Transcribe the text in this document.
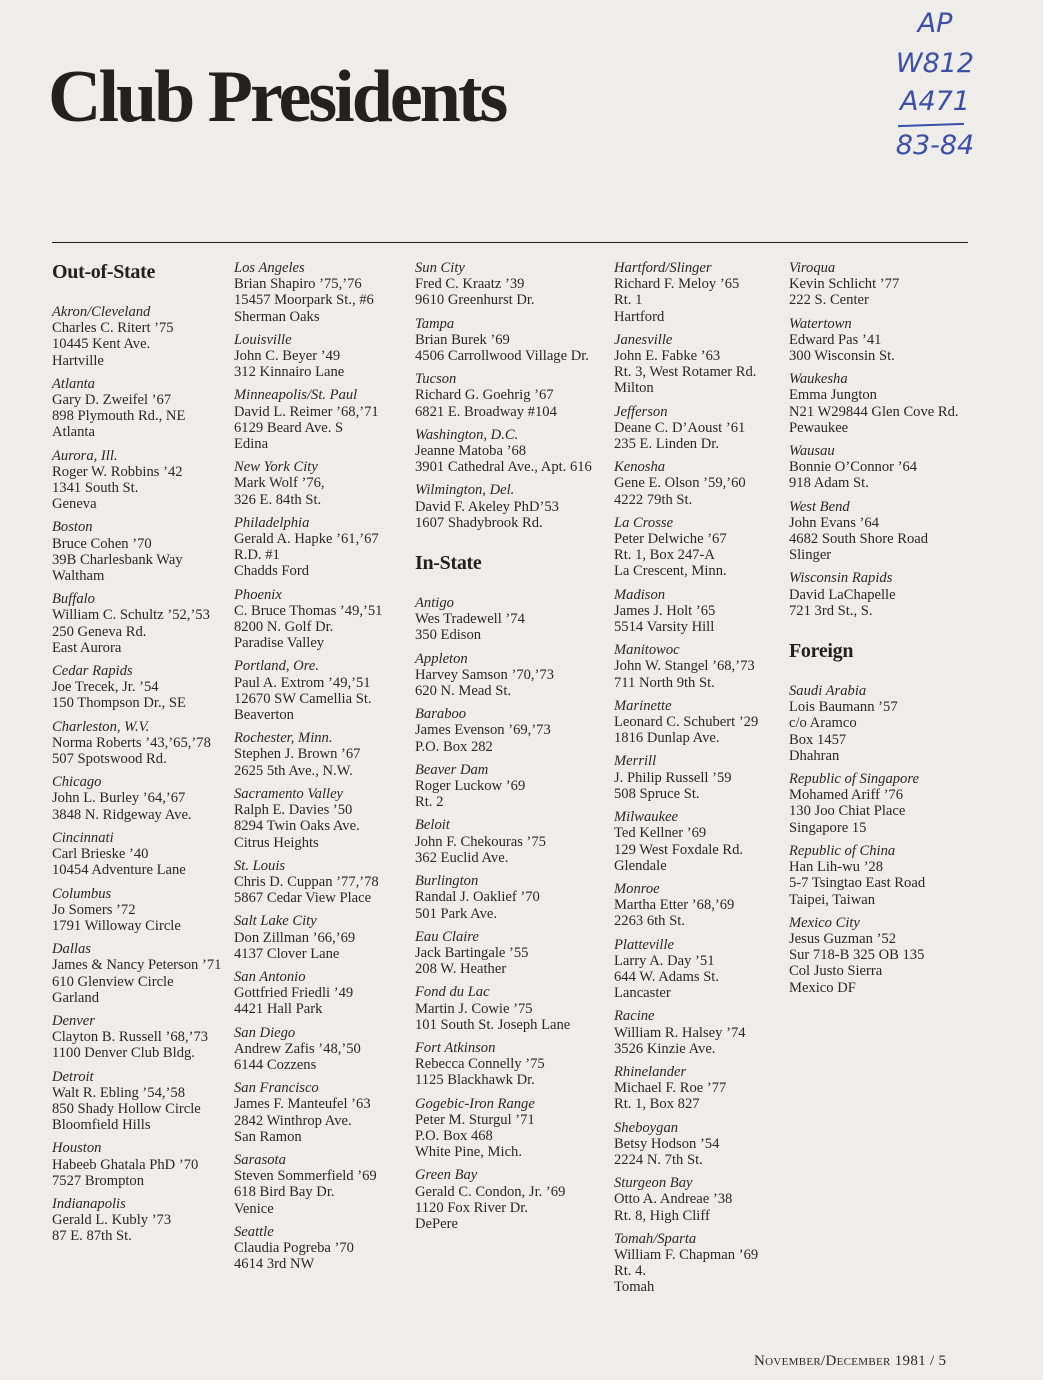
Club Presidents
AP
W812
A471
83-84
Out-of-State
Akron/Cleveland
Charles C. Ritert ’75
10445 Kent Ave.
Hartville
Atlanta
Gary D. Zweifel ’67
898 Plymouth Rd., NE
Atlanta
Aurora, Ill.
Roger W. Robbins ’42
1341 South St.
Geneva
Boston
Bruce Cohen ’70
39B Charlesbank Way
Waltham
Buffalo
William C. Schultz ’52,’53
250 Geneva Rd.
East Aurora
Cedar Rapids
Joe Trecek, Jr. ’54
150 Thompson Dr., SE
Charleston, W.V.
Norma Roberts ’43,’65,’78
507 Spotswood Rd.
Chicago
John L. Burley ’64,’67
3848 N. Ridgeway Ave.
Cincinnati
Carl Brieske ’40
10454 Adventure Lane
Columbus
Jo Somers ’72
1791 Willoway Circle
Dallas
James & Nancy Peterson ’71
610 Glenview Circle
Garland
Denver
Clayton B. Russell ’68,’73
1100 Denver Club Bldg.
Detroit
Walt R. Ebling ’54,’58
850 Shady Hollow Circle
Bloomfield Hills
Houston
Habeeb Ghatala PhD ’70
7527 Brompton
Indianapolis
Gerald L. Kubly ’73
87 E. 87th St.
Los Angeles
Brian Shapiro ’75,’76
15457 Moorpark St., #6
Sherman Oaks
Louisville
John C. Beyer ’49
312 Kinnairo Lane
Minneapolis/St. Paul
David L. Reimer ’68,’71
6129 Beard Ave. S
Edina
New York City
Mark Wolf ’76,
326 E. 84th St.
Philadelphia
Gerald A. Hapke ’61,’67
R.D. #1
Chadds Ford
Phoenix
C. Bruce Thomas ’49,’51
8200 N. Golf Dr.
Paradise Valley
Portland, Ore.
Paul A. Extrom ’49,’51
12670 SW Camellia St.
Beaverton
Rochester, Minn.
Stephen J. Brown ’67
2625 5th Ave., N.W.
Sacramento Valley
Ralph E. Davies ’50
8294 Twin Oaks Ave.
Citrus Heights
St. Louis
Chris D. Cuppan ’77,’78
5867 Cedar View Place
Salt Lake City
Don Zillman ’66,’69
4137 Clover Lane
San Antonio
Gottfried Friedli ’49
4421 Hall Park
San Diego
Andrew Zafis ’48,’50
6144 Cozzens
San Francisco
James F. Manteufel ’63
2842 Winthrop Ave.
San Ramon
Sarasota
Steven Sommerfield ’69
618 Bird Bay Dr.
Venice
Seattle
Claudia Pogreba ’70
4614 3rd NW
Sun City
Fred C. Kraatz ’39
9610 Greenhurst Dr.
Tampa
Brian Burek ’69
4506 Carrollwood Village Dr.
Tucson
Richard G. Goehrig ’67
6821 E. Broadway #104
Washington, D.C.
Jeanne Matoba ’68
3901 Cathedral Ave., Apt. 616
Wilmington, Del.
David F. Akeley PhD’53
1607 Shadybrook Rd.
In-State
Antigo
Wes Tradewell ’74
350 Edison
Appleton
Harvey Samson ’70,’73
620 N. Mead St.
Baraboo
James Evenson ’69,’73
P.O. Box 282
Beaver Dam
Roger Luckow ’69
Rt. 2
Beloit
John F. Chekouras ’75
362 Euclid Ave.
Burlington
Randal J. Oaklief ’70
501 Park Ave.
Eau Claire
Jack Bartingale ’55
208 W. Heather
Fond du Lac
Martin J. Cowie ’75
101 South St. Joseph Lane
Fort Atkinson
Rebecca Connelly ’75
1125 Blackhawk Dr.
Gogebic-Iron Range
Peter M. Sturgul ’71
P.O. Box 468
White Pine, Mich.
Green Bay
Gerald C. Condon, Jr. ’69
1120 Fox River Dr.
DePere
Hartford/Slinger
Richard F. Meloy ’65
Rt. 1
Hartford
Janesville
John E. Fabke ’63
Rt. 3, West Rotamer Rd.
Milton
Jefferson
Deane C. D’Aoust ’61
235 E. Linden Dr.
Kenosha
Gene E. Olson ’59,’60
4222 79th St.
La Crosse
Peter Delwiche ’67
Rt. 1, Box 247-A
La Crescent, Minn.
Madison
James J. Holt ’65
5514 Varsity Hill
Manitowoc
John W. Stangel ’68,’73
711 North 9th St.
Marinette
Leonard C. Schubert ’29
1816 Dunlap Ave.
Merrill
J. Philip Russell ’59
508 Spruce St.
Milwaukee
Ted Kellner ’69
129 West Foxdale Rd.
Glendale
Monroe
Martha Etter ’68,’69
2263 6th St.
Platteville
Larry A. Day ’51
644 W. Adams St.
Lancaster
Racine
William R. Halsey ’74
3526 Kinzie Ave.
Rhinelander
Michael F. Roe ’77
Rt. 1, Box 827
Sheboygan
Betsy Hodson ’54
2224 N. 7th St.
Sturgeon Bay
Otto A. Andreae ’38
Rt. 8, High Cliff
Tomah/Sparta
William F. Chapman ’69
Rt. 4.
Tomah
Viroqua
Kevin Schlicht ’77
222 S. Center
Watertown
Edward Pas ’41
300 Wisconsin St.
Waukesha
Emma Jungton
N21 W29844 Glen Cove Rd.
Pewaukee
Wausau
Bonnie O’Connor ’64
918 Adam St.
West Bend
John Evans ’64
4682 South Shore Road
Slinger
Wisconsin Rapids
David LaChapelle
721 3rd St., S.
Foreign
Saudi Arabia
Lois Baumann ’57
c/o Aramco
Box 1457
Dhahran
Republic of Singapore
Mohamed Ariff ’76
130 Joo Chiat Place
Singapore 15
Republic of China
Han Lih-wu ’28
5-7 Tsingtao East Road
Taipei, Taiwan
Mexico City
Jesus Guzman ’52
Sur 718-B 325 OB 135
Col Justo Sierra
Mexico DF
November/December 1981 / 5
